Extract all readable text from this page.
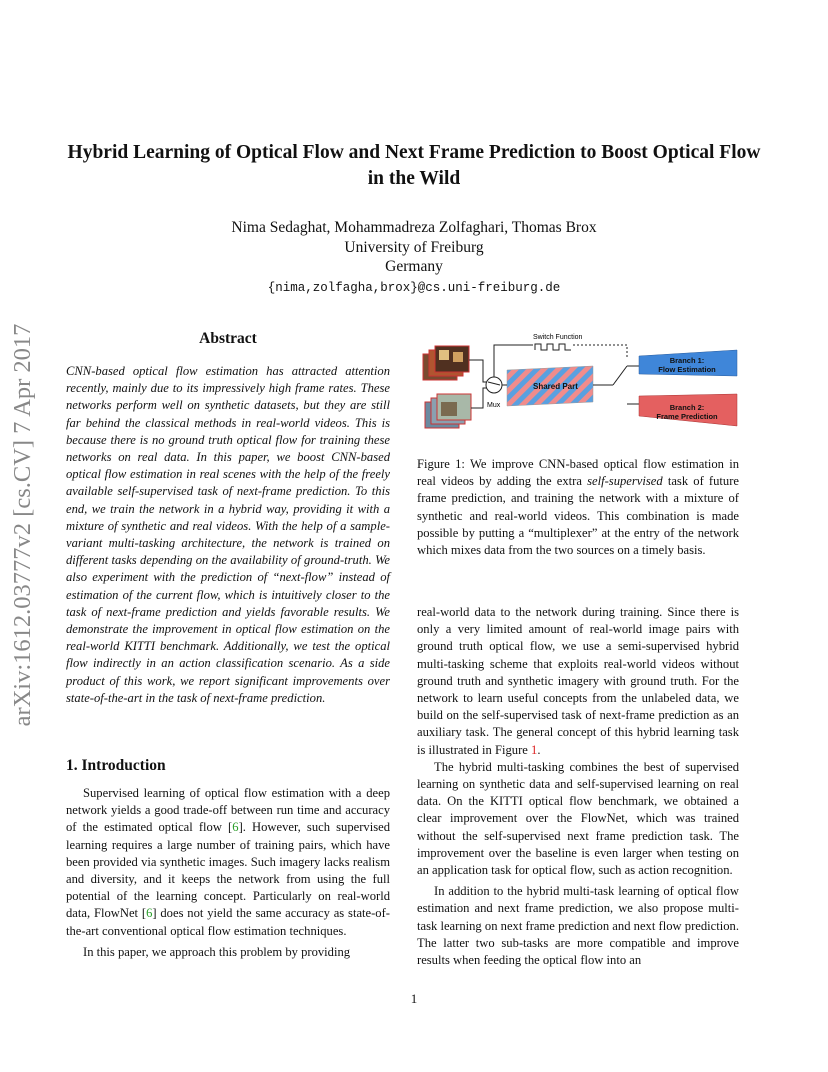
Hybrid Learning of Optical Flow and Next Frame Prediction to Boost Optical Flow in the Wild
Nima Sedaghat, Mohammadreza Zolfaghari, Thomas Brox
University of Freiburg
Germany
{nima,zolfagha,brox}@cs.uni-freiburg.de
arXiv:1612.03777v2 [cs.CV] 7 Apr 2017	Abstract
CNN-based optical flow estimation has attracted attention recently, mainly due to its impressively high frame rates. These networks perform well on synthetic datasets, but they are still far behind the classical methods in real-world videos. This is because there is no ground truth optical flow for training these networks on real data. In this paper, we boost CNN-based optical flow estimation in real scenes with the help of the freely available self-supervised task of next-frame prediction. To this end, we train the network in a hybrid way, providing it with a mixture of synthetic and real videos. With the help of a sample-variant multi-tasking architecture, the network is trained on different tasks depending on the availability of ground-truth. We also experiment with the prediction of “next-flow” instead of estimation of the current flow, which is intuitively closer to the task of next-frame prediction and yields favorable results. We demonstrate the improvement in optical flow estimation on the real-world KITTI benchmark. Additionally, we test the optical flow indirectly in an action classification scenario. As a side product of this work, we report significant improvements over state-of-the-art in the task of next-frame prediction.
Mux
Switch Function
Shared Part
Branch 1:
Flow Estimation
Branch 2:
Frame Prediction
Figure 1: We improve CNN-based optical flow estimation in real videos by adding the extra self-supervised task of future frame prediction, and training the network with a mixture of synthetic and real-world videos. This combination is made possible by putting a “multiplexer” at the entry of the network which mixes data from the two sources on a timely basis.
1. Introduction

Supervised learning of optical flow estimation with a deep network yields a good trade-off between run time and accuracy of the estimated optical flow [6]. However, such supervised learning requires a large number of training pairs, which have been provided via synthetic images. Such imagery lacks realism and diversity, and it keeps the network from using the full potential of the learning concept. Particularly on real-world data, FlowNet [6] does not yield the same accuracy as state-of-the-art conventional optical flow estimation techniques.

In this paper, we approach this problem by providing

real-world data to the network during training. Since there is only a very limited amount of real-world image pairs with ground truth optical flow, we use a semi-supervised hybrid multi-tasking scheme that exploits real-world videos without ground truth and synthetic imagery with ground truth. For the network to learn useful concepts from the unlabeled data, we build on the self-supervised task of next-frame prediction as an auxiliary task. The general concept of this hybrid learning task is illustrated in Figure 1.

The hybrid multi-tasking combines the best of supervised learning on synthetic data and self-supervised learning on real data. On the KITTI optical flow benchmark, we obtained a clear improvement over the FlowNet, which was trained without the self-supervised next frame prediction task. The improvement over the baseline is even larger when testing on an application task for optical flow, such as action recognition.

In addition to the hybrid multi-task learning of optical flow estimation and next frame prediction, we also propose multi-task learning on next frame prediction and next flow prediction. The latter two sub-tasks are more compatible and improve results when feeding the optical flow into an

1
